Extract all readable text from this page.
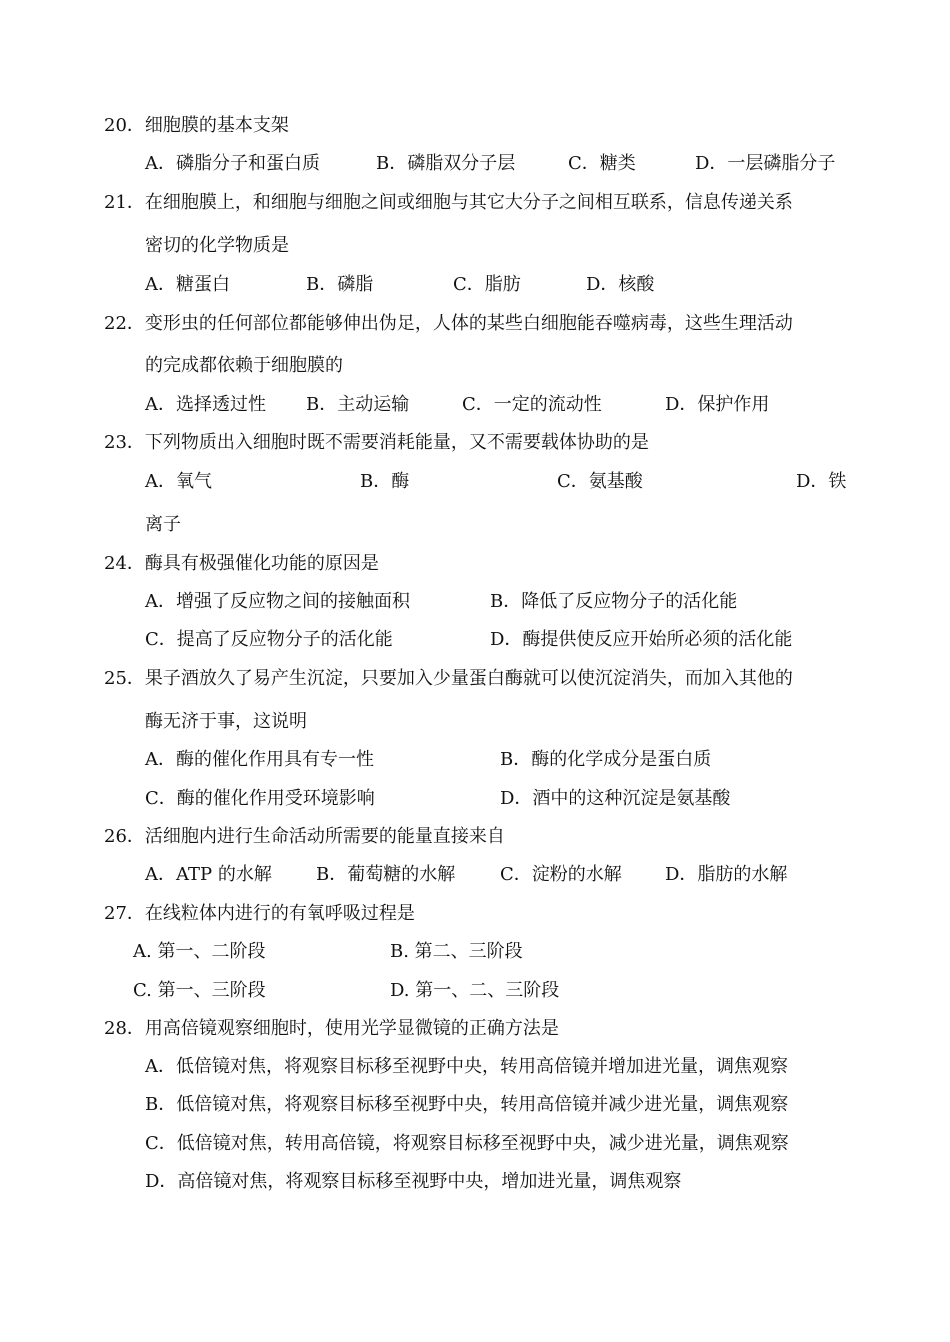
20．细胞膜的基本支架
A．磷脂分子和蛋白质	B．磷脂双分子层	C．糖类	D．一层磷脂分子
21．在细胞膜上，和细胞与细胞之间或细胞与其它大分子之间相互联系，信息传递关系
密切的化学物质是
A．糖蛋白	B．磷脂	C．脂肪	D．核酸
22．变形虫的任何部位都能够伸出伪足，人体的某些白细胞能吞噬病毒，这些生理活动
的完成都依赖于细胞膜的
A．选择透过性 B．主动运输	C．一定的流动性	D．保护作用
23．下列物质出入细胞时既不需要消耗能量，又不需要载体协助的是
A．氧气	B．酶	C．氨基酸	D．铁
离子
24．酶具有极强催化功能的原因是
A．增强了反应物之间的接触面积	B．降低了反应物分子的活化能
C．提高了反应物分子的活化能	D．酶提供使反应开始所必须的活化能
25．果子酒放久了易产生沉淀，只要加入少量蛋白酶就可以使沉淀消失，而加入其他的
酶无济于事，这说明
A．酶的催化作用具有专一性	B．酶的化学成分是蛋白质
C．酶的催化作用受环境影响	D．酒中的这种沉淀是氨基酸
26．活细胞内进行生命活动所需要的能量直接来自
A．ATP 的水解 B．葡萄糖的水解 C．淀粉的水解 D．脂肪的水解
27．在线粒体内进行的有氧呼吸过程是
A. 第一、二阶段	B. 第二、三阶段
C. 第一、三阶段	D. 第一、二、三阶段
28．用高倍镜观察细胞时，使用光学显微镜的正确方法是
A．低倍镜对焦，将观察目标移至视野中央，转用高倍镜并增加进光量，调焦观察
B．低倍镜对焦，将观察目标移至视野中央，转用高倍镜并减少进光量，调焦观察
C．低倍镜对焦，转用高倍镜，将观察目标移至视野中央，减少进光量，调焦观察
D．高倍镜对焦，将观察目标移至视野中央，增加进光量，调焦观察
